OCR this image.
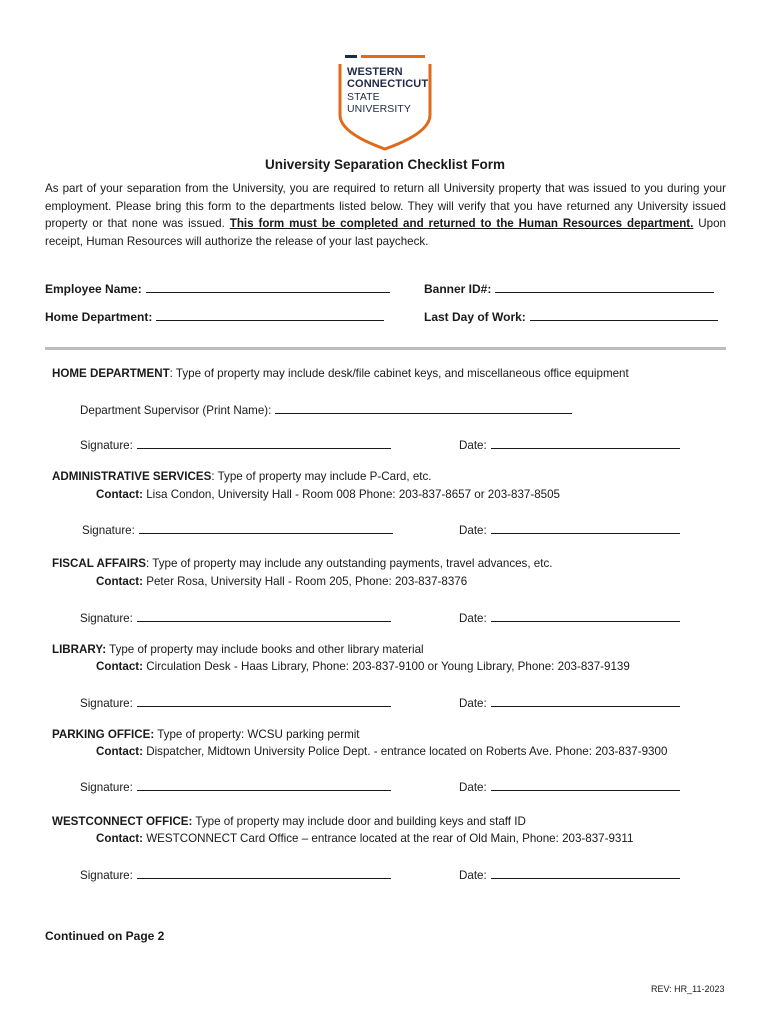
WESTERN
CONNECTICUT
STATE
UNIVERSITY
University Separation Checklist Form
As part of your separation from the University, you are required to return all University property that was issued to you during your employment. Please bring this form to the departments listed below. They will verify that you have returned any University issued property or that none was issued. This form must be completed and returned to the Human Resources department. Upon receipt, Human Resources will authorize the release of your last paycheck.
Employee Name:	Banner ID#:
Home Department:	Last Day of Work:
HOME DEPARTMENT: Type of property may include desk/file cabinet keys, and miscellaneous office equipment
Department Supervisor (Print Name):
Signature:	Date:
ADMINISTRATIVE SERVICES: Type of property may include P-Card, etc.
Contact: Lisa Condon, University Hall - Room 008 Phone: 203-837-8657 or 203-837-8505
Signature:	Date:
FISCAL AFFAIRS: Type of property may include any outstanding payments, travel advances, etc.
Contact: Peter Rosa, University Hall - Room 205, Phone: 203-837-8376
Signature:	Date:
LIBRARY: Type of property may include books and other library material
Contact: Circulation Desk - Haas Library, Phone: 203-837-9100 or Young Library, Phone: 203-837-9139
Signature:	Date:
PARKING OFFICE: Type of property: WCSU parking permit
Contact: Dispatcher, Midtown University Police Dept. - entrance located on Roberts Ave. Phone: 203-837-9300
Signature:	Date:
WESTCONNECT OFFICE: Type of property may include door and building keys and staff ID
Contact: WESTCONNECT Card Office – entrance located at the rear of Old Main, Phone: 203-837-9311
Signature:	Date:
Continued on Page 2
REV: HR_11-2023
